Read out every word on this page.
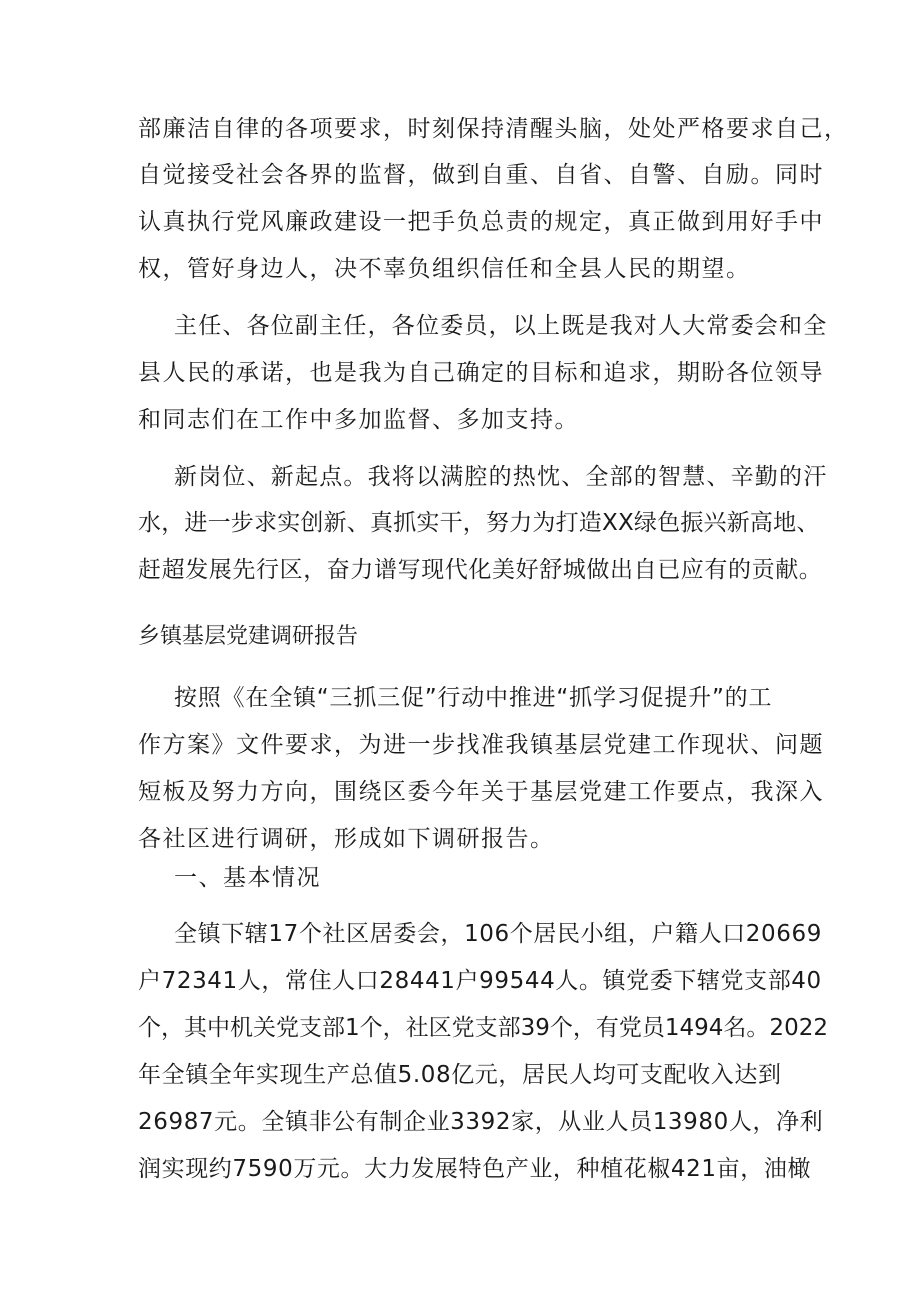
部廉洁自律的各项要求，时刻保持清醒头脑，处处严格要求自己，

自觉接受社会各界的监督，做到自重、自省、自警、自励。同时

认真执行党风廉政建设一把手负总责的规定，真正做到用好手中

权，管好身边人，决不辜负组织信任和全县人民的期望。

主任、各位副主任，各位委员，以上既是我对人大常委会和全

县人民的承诺，也是我为自己确定的目标和追求，期盼各位领导

和同志们在工作中多加监督、多加支持。

新岗位、新起点。我将以满腔的热忱、全部的智慧、辛勤的汗

水，进一步求实创新、真抓实干，努力为打造XX绿色振兴新高地、

赶超发展先行区，奋力谱写现代化美好舒城做出自已应有的贡献。

乡镇基层党建调研报告

按照《在全镇“三抓三促”行动中推进“抓学习促提升”的工

作方案》文件要求，为进一步找准我镇基层党建工作现状、问题

短板及努力方向，围绕区委今年关于基层党建工作要点，我深入

各社区进行调研，形成如下调研报告。

一、基本情况

全镇下辖17个社区居委会，106个居民小组，户籍人口20669

户72341人，常住人口28441户99544人。镇党委下辖党支部40

个，其中机关党支部1个，社区党支部39个，有党员1494名。2022

年全镇全年实现生产总值5.08亿元，居民人均可支配收入达到

26987元。全镇非公有制企业3392家，从业人员13980人，净利

润实现约7590万元。大力发展特色产业，种植花椒421亩，油橄
